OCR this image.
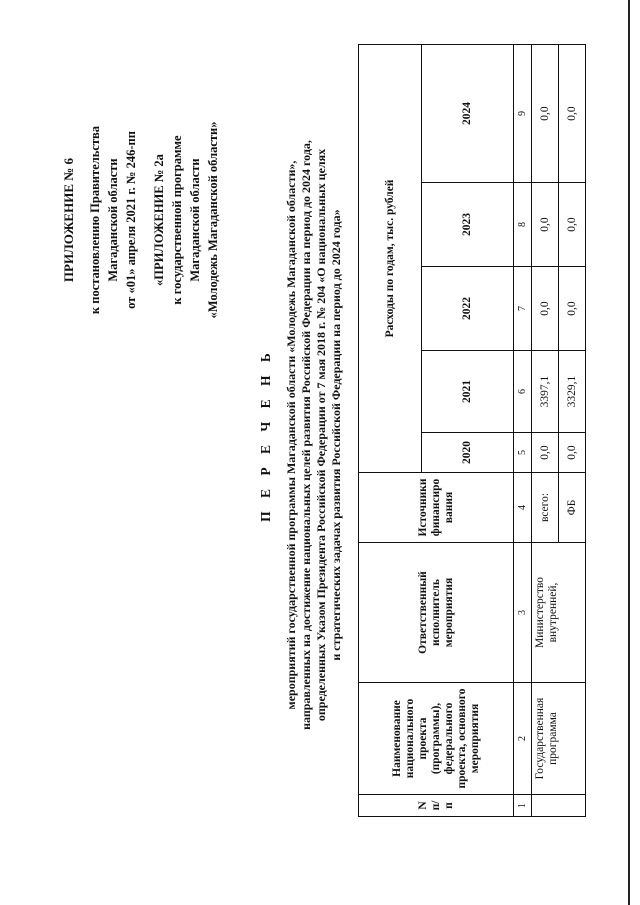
ПРИЛОЖЕНИЕ № 6 к постановлению Правительства Магаданской области от «01» апреля 2021 г. № 246-пп «ПРИЛОЖЕНИЕ № 2а к государственной программе Магаданской области «Молодежь Магаданской области»
П Е Р Е Ч Е Н Ь мероприятий государственной программы Магаданской области «Молодежь Магаданской области», направленных на достижение национальных целей развития Российской Федерации на период до 2024 года, определенных Указом Президента Российской Федерации от 7 мая 2018 г. № 204 «О национальных целях и стратегических задачах развития Российской Федерации на период до 2024 года»
N п/п	Наименование национального проекта (программы), федерального проекта, основного мероприятия	Ответственный исполнитель мероприятия	Источники финансиро вания	Расходы по годам, тыс. рублей				
				2020	2021	2022	2023	2024
1	2	3	4	5	6	7	8	9
	Государственная программа	Министерство внутренней,	всего:	0,0	3397,1	0,0	0,0	0,0
			ФБ	0,0	3329,1	0,0	0,0	0,0
